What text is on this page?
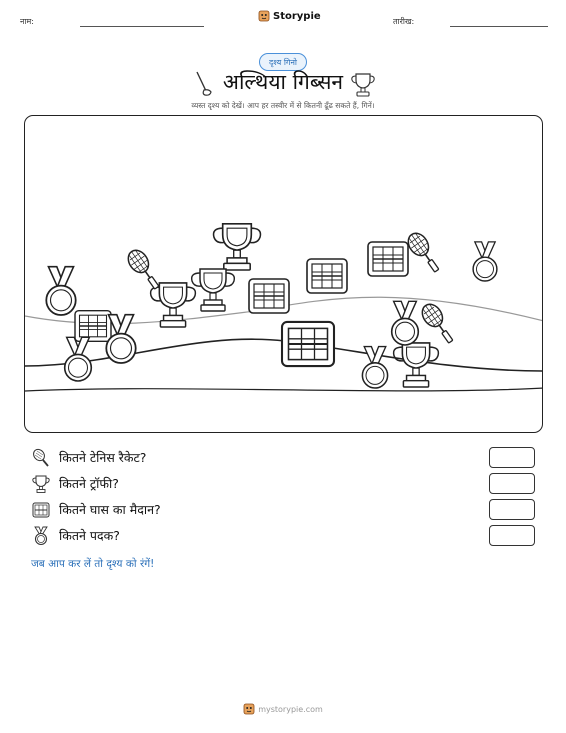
नाम:	Storypie	तारीख:
दृश्य गिनो
अल्थिया गिब्सन
व्यस्त दृश्य को देखें। आप हर तस्वीर में से कितनी ढूँढ सकते हैं, गिनें।
कितने टेनिस रैकेट?
कितने ट्रॉफी?
कितने घास का मैदान?
कितने पदक?
जब आप कर लें तो दृश्य को रंगें!
mystorypie.com
